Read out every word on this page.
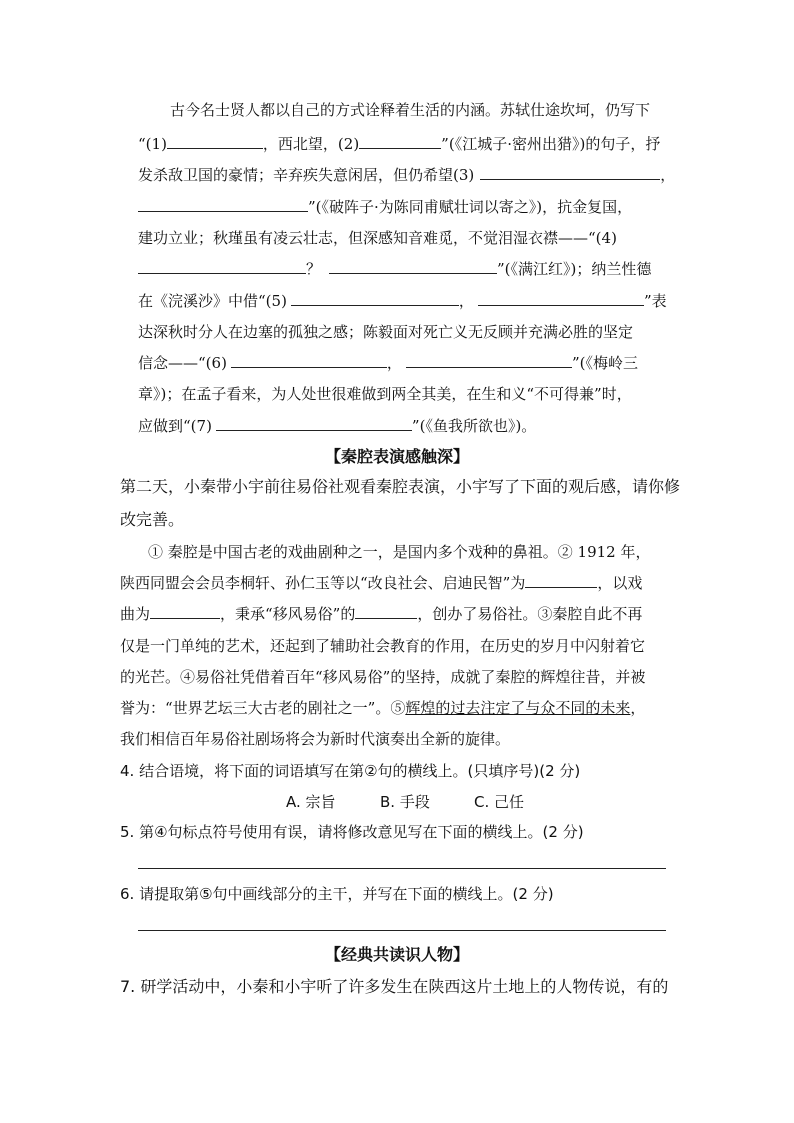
古今名士贤人都以自己的方式诠释着生活的内涵。苏轼仕途坎坷，仍写下
“(1)	，西北望，(2)	”(《江城子·密州出猎》)的句子，抒
发杀敌卫国的豪情；辛弃疾失意闲居，但仍希望(3)	，
”(《破阵子·为陈同甫赋壮词以寄之》)，抗金复国，
建功立业；秋瑾虽有凌云壮志，但深感知音难觅，不觉泪湿衣襟——“(4)
？	”(《满江红》)；纳兰性德
在《浣溪沙》中借“(5)	，	”表
达深秋时分人在边塞的孤独之感；陈毅面对死亡义无反顾并充满必胜的坚定
信念——“(6)	，	”(《梅岭三
章》)；在孟子看来，为人处世很难做到两全其美，在生和义“不可得兼”时，
应做到“(7)	”(《鱼我所欲也》)。
【秦腔表演感触深】
第二天，小秦带小宇前往易俗社观看秦腔表演，小宇写了下面的观后感，请你修
改完善。
① 秦腔是中国古老的戏曲剧种之一，是国内多个戏种的鼻祖。② 1912 年，
陕西同盟会会员李桐轩、孙仁玉等以“改良社会、启迪民智”为	，以戏
曲为	，秉承“移风易俗”的	，创办了易俗社。③秦腔自此不再
仅是一门单纯的艺术，还起到了辅助社会教育的作用，在历史的岁月中闪射着它
的光芒。④易俗社凭借着百年“移风易俗”的坚持，成就了秦腔的辉煌往昔，并被
誉为：“世界艺坛三大古老的剧社之一”。⑤辉煌的过去注定了与众不同的未来，
我们相信百年易俗社剧场将会为新时代演奏出全新的旋律。
4. 结合语境，将下面的词语填写在第②句的横线上。(只填序号)(2 分)
A. 宗旨	B. 手段	C. 己任
5. 第④句标点符号使用有误，请将修改意见写在下面的横线上。(2 分)
6. 请提取第⑤句中画线部分的主干，并写在下面的横线上。(2 分)
【经典共读识人物】
7. 研学活动中，小秦和小宇听了许多发生在陕西这片土地上的人物传说，有的
